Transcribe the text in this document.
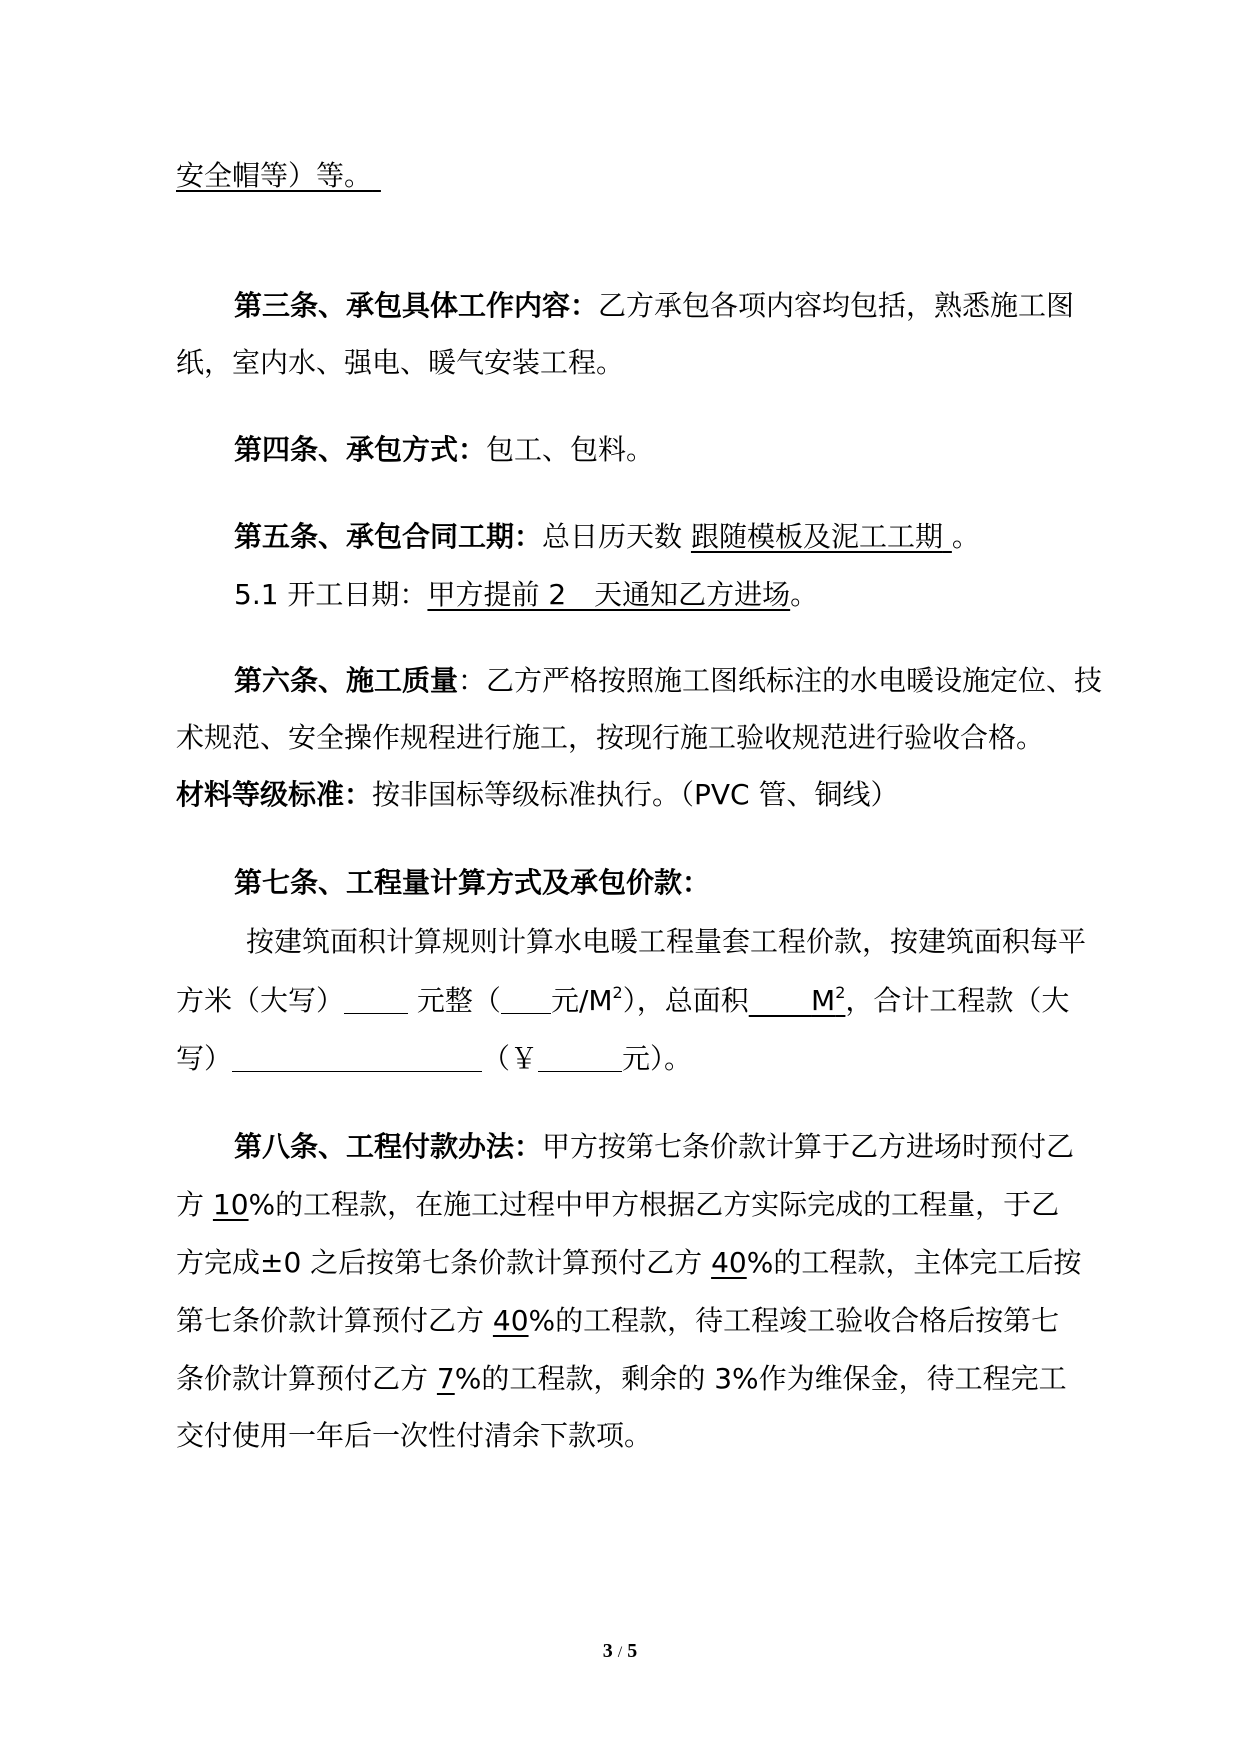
安全帽等）等。
第三条、承包具体工作内容：乙方承包各项内容均包括，熟悉施工图
纸，室内水、强电、暖气安装工程。
第四条、承包方式：包工、包料。
第五条、承包合同工期：总日历天数 跟随模板及泥工工期 。
5.1 开工日期：甲方提前 2　天通知乙方进场。
第六条、施工质量：乙方严格按照施工图纸标注的水电暖设施定位、技
术规范、安全操作规程进行施工，按现行施工验收规范进行验收合格。
材料等级标准：按非国标等级标准执行。（PVC 管、铜线）
第七条、工程量计算方式及承包价款：
按建筑面积计算规则计算水电暖工程量套工程价款，按建筑面积每平
方米（大写）	元整（ 元$/M^2$），总面积 $M^2$，合计工程款（大
写）	（￥	元）。
第八条、工程付款办法：甲方按第七条价款计算于乙方进场时预付乙
方 10%的工程款，在施工过程中甲方根据乙方实际完成的工程量，于乙
方完成±0 之后按第七条价款计算预付乙方 40%的工程款，主体完工后按
第七条价款计算预付乙方 40%的工程款，待工程竣工验收合格后按第七
条价款计算预付乙方 7%的工程款，剩余的 3%作为维保金，待工程完工
交付使用一年后一次性付清余下款项。
3 / 5
